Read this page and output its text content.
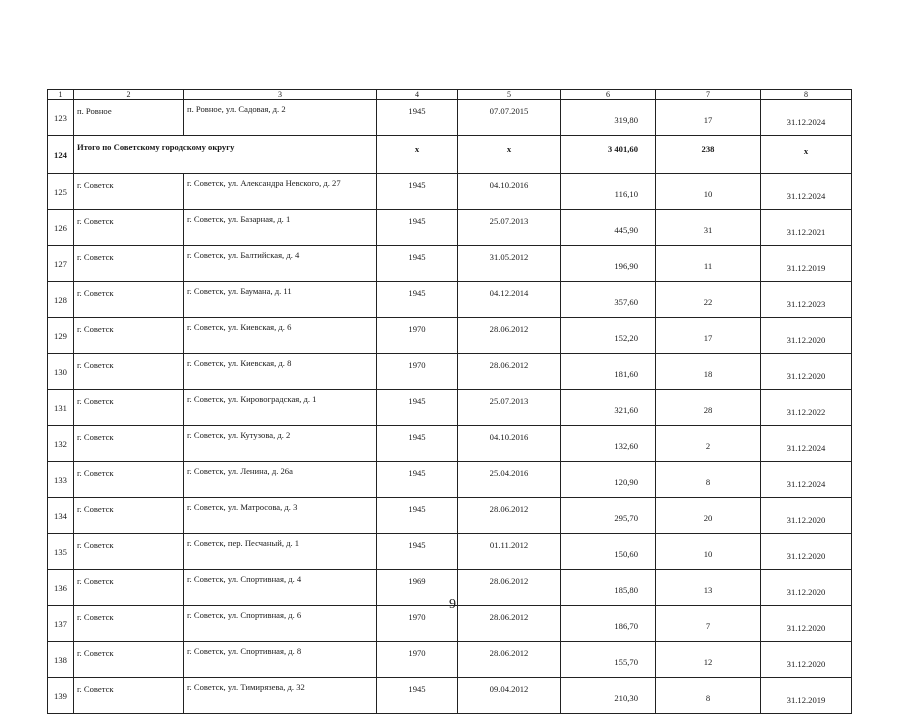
1	2	3	4	5	6	7	8
123	п. Ровное	п. Ровное, ул. Садовая, д. 2	1945	07.07.2015	319,80	17	31.12.2024
124	Итого по Советскому городскому округу		х	х	3 401,60	238	х
125	г. Советск	г. Советск, ул. Александра Невского, д. 27	1945	04.10.2016	116,10	10	31.12.2024
126	г. Советск	г. Советск, ул. Базарная, д. 1	1945	25.07.2013	445,90	31	31.12.2021
127	г. Советск	г. Советск, ул. Балтийская, д. 4	1945	31.05.2012	196,90	11	31.12.2019
128	г. Советск	г. Советск, ул. Баумана, д. 11	1945	04.12.2014	357,60	22	31.12.2023
129	г. Советск	г. Советск, ул. Киевская, д. 6	1970	28.06.2012	152,20	17	31.12.2020
130	г. Советск	г. Советск, ул. Киевская, д. 8	1970	28.06.2012	181,60	18	31.12.2020
131	г. Советск	г. Советск, ул. Кировоградская, д. 1	1945	25.07.2013	321,60	28	31.12.2022
132	г. Советск	г. Советск, ул. Кутузова, д. 2	1945	04.10.2016	132,60	2	31.12.2024
133	г. Советск	г. Советск, ул. Ленина, д. 26а	1945	25.04.2016	120,90	8	31.12.2024
134	г. Советск	г. Советск, ул. Матросова, д. 3	1945	28.06.2012	295,70	20	31.12.2020
135	г. Советск	г. Советск, пер. Песчаный, д. 1	1945	01.11.2012	150,60	10	31.12.2020
136	г. Советск	г. Советск, ул. Спортивная, д. 4	1969	28.06.2012	185,80	13	31.12.2020
137	г. Советск	г. Советск, ул. Спортивная, д. 6	1970	28.06.2012	186,70	7	31.12.2020
138	г. Советск	г. Советск, ул. Спортивная, д. 8	1970	28.06.2012	155,70	12	31.12.2020
139	г. Советск	г. Советск, ул. Тимирязева, д. 32	1945	09.04.2012	210,30	8	31.12.2019
9
